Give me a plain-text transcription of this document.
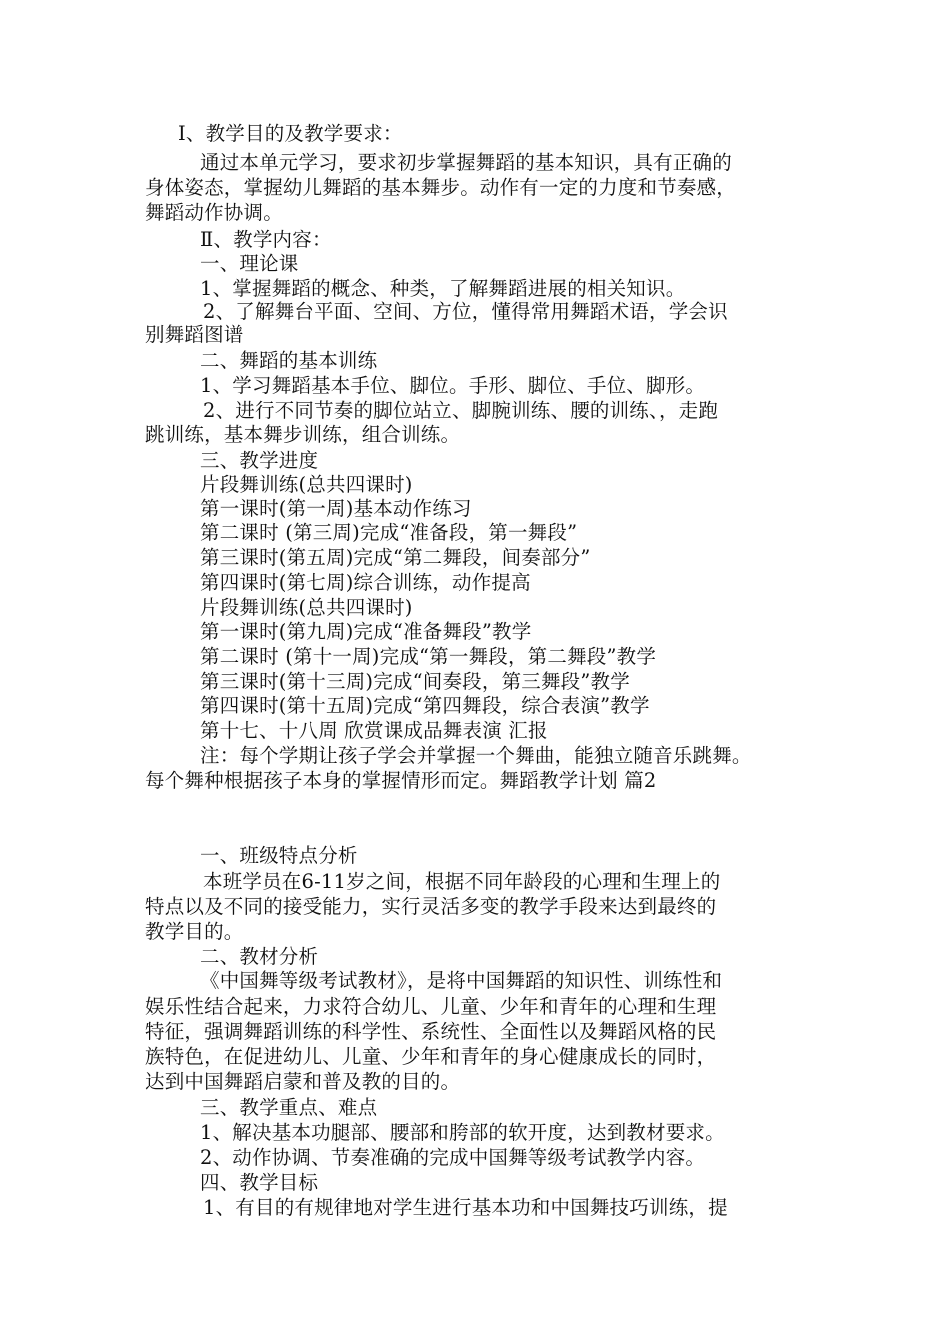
Ⅰ、教学目的及教学要求：
通过本单元学习，要求初步掌握舞蹈的基本知识，具有正确的
身体姿态，掌握幼儿舞蹈的基本舞步。动作有一定的力度和节奏感，
舞蹈动作协调。
Ⅱ、教学内容：
一、理论课
1、掌握舞蹈的概念、种类，了解舞蹈进展的相关知识。
2、了解舞台平面、空间、方位，懂得常用舞蹈术语，学会识
别舞蹈图谱
二、舞蹈的基本训练
1、学习舞蹈基本手位、脚位。手形、脚位、手位、脚形。
2、进行不同节奏的脚位站立、脚腕训练、腰的训练、，走跑
跳训练，基本舞步训练，组合训练。
三、教学进度
片段舞训练(总共四课时)
第一课时(第一周)基本动作练习
第二课时 (第三周)完成“准备段，第一舞段”
第三课时(第五周)完成“第二舞段，间奏部分”
第四课时(第七周)综合训练，动作提高
片段舞训练(总共四课时)
第一课时(第九周)完成“准备舞段”教学
第二课时 (第十一周)完成“第一舞段，第二舞段”教学
第三课时(第十三周)完成“间奏段，第三舞段”教学
第四课时(第十五周)完成“第四舞段，综合表演”教学
第十七、十八周 欣赏课成品舞表演 汇报
注：每个学期让孩子学会并掌握一个舞曲，能独立随音乐跳舞。
每个舞种根据孩子本身的掌握情形而定。舞蹈教学计划 篇2
一、班级特点分析
本班学员在6-11岁之间，根据不同年龄段的心理和生理上的
特点以及不同的接受能力，实行灵活多变的教学手段来达到最终的
教学目的。
二、教材分析
《中国舞等级考试教材》，是将中国舞蹈的知识性、训练性和
娱乐性结合起来，力求符合幼儿、儿童、少年和青年的心理和生理
特征，强调舞蹈训练的科学性、系统性、全面性以及舞蹈风格的民
族特色，在促进幼儿、儿童、少年和青年的身心健康成长的同时，
达到中国舞蹈启蒙和普及教的目的。
三、教学重点、难点
1、解决基本功腿部、腰部和胯部的软开度，达到教材要求。
2、动作协调、节奏准确的完成中国舞等级考试教学内容。
四、教学目标
1、有目的有规律地对学生进行基本功和中国舞技巧训练，提
